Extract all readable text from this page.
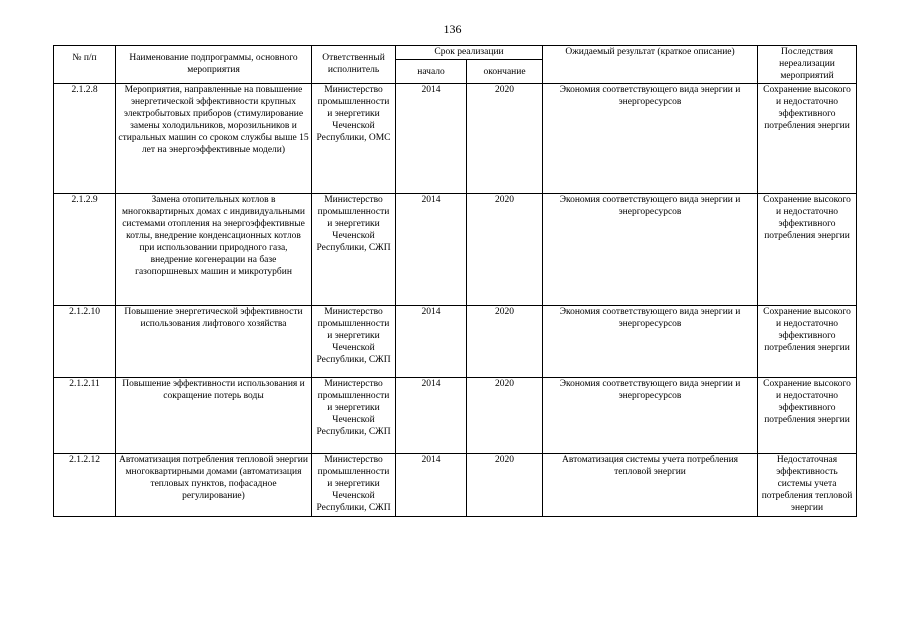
136
№ п/п	Наименование подпрограммы, основного мероприятия	Ответственный исполнитель	Срок реализации		Ожидаемый результат (краткое описание)	Последствия нереализации мероприятий
			начало	окончание		
2.1.2.8	Мероприятия, направленные на повышение энергетической эффективности крупных электробытовых приборов (стимулирование замены холодильников, морозильников и стиральных машин со сроком службы выше 15 лет на энергоэффективные модели)	Министерство промышленности и энергетики Чеченской Республики, ОМС	2014	2020	Экономия соответствующего вида энергии и энергоресурсов	Сохранение высокого и недостаточно эффективного потребления энергии
2.1.2.9	Замена отопительных котлов в многоквартирных домах с индивидуальными системами отопления на энергоэффективные котлы, внедрение конденсационных котлов при использовании природного газа, внедрение когенерации на базе газопоршневых машин и микротурбин	Министерство промышленности и энергетики Чеченской Республики, СЖП	2014	2020	Экономия соответствующего вида энергии и энергоресурсов	Сохранение высокого и недостаточно эффективного потребления энергии
2.1.2.10	Повышение энергетической эффективности использования лифтового хозяйства	Министерство промышленности и энергетики Чеченской Республики, СЖП	2014	2020	Экономия соответствующего вида энергии и энергоресурсов	Сохранение высокого и недостаточно эффективного потребления энергии
2.1.2.11	Повышение эффективности использования и сокращение потерь воды	Министерство промышленности и энергетики Чеченской Республики, СЖП	2014	2020	Экономия соответствующего вида энергии и энергоресурсов	Сохранение высокого и недостаточно эффективного потребления энергии
2.1.2.12	Автоматизация потребления тепловой энергии многоквартирными домами (автоматизация тепловых пунктов, пофасадное регулирование)	Министерство промышленности и энергетики Чеченской Республики, СЖП	2014	2020	Автоматизация системы учета потребления тепловой энергии	Недостаточная эффективность системы учета потребления тепловой энергии
